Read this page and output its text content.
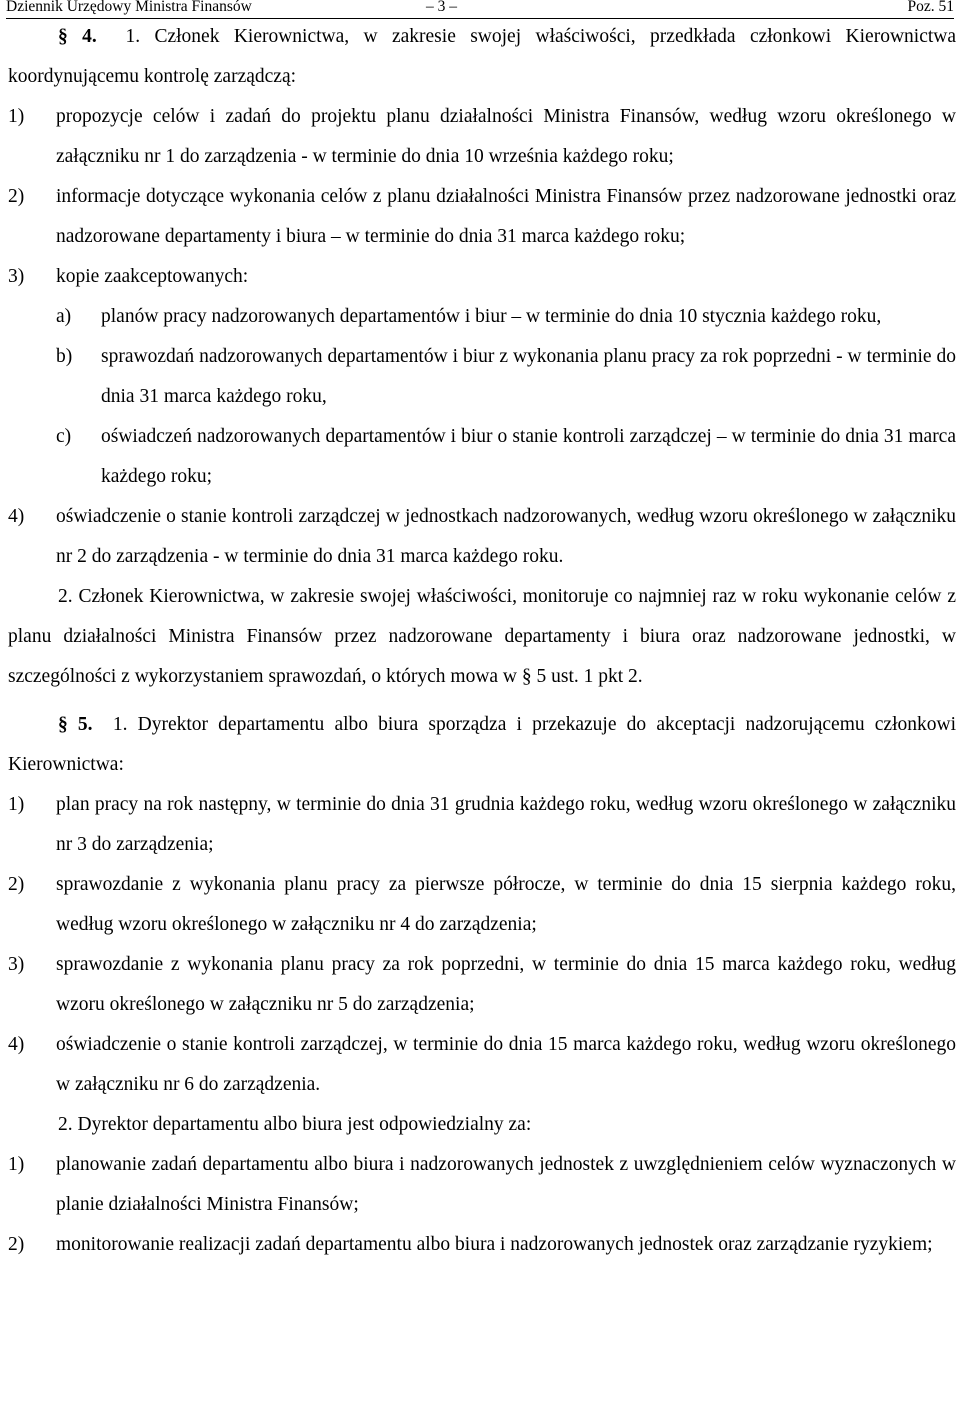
Dziennik Urzędowy Ministra Finansów	– 3 –	Poz. 51

§ 4. 1. Członek Kierownictwa, w zakresie swojej właściwości, przedkłada członkowi Kierownictwa koordynującemu kontrolę zarządczą:

1)	propozycje celów i zadań do projektu planu działalności Ministra Finansów, według wzoru określonego w załączniku nr 1 do zarządzenia - w terminie do dnia 10 września każdego roku;
2)	informacje dotyczące wykonania celów z planu działalności Ministra Finansów przez nadzorowane jednostki oraz nadzorowane departamenty i biura – w terminie do dnia 31 marca każdego roku;
3)	kopie zaakceptowanych:
a)	planów pracy nadzorowanych departamentów i biur – w terminie do dnia 10 stycznia każdego roku,
b)	sprawozdań nadzorowanych departamentów i biur z wykonania planu pracy za rok poprzedni - w terminie do dnia 31 marca każdego roku,
c)	oświadczeń nadzorowanych departamentów i biur o stanie kontroli zarządczej – w terminie do dnia 31 marca każdego roku;
4)	oświadczenie o stanie kontroli zarządczej w jednostkach nadzorowanych, według wzoru określonego w załączniku nr 2 do zarządzenia - w terminie do dnia 31 marca każdego roku.

2. Członek Kierownictwa, w zakresie swojej właściwości, monitoruje co najmniej raz w roku wykonanie celów z planu działalności Ministra Finansów przez nadzorowane departamenty i biura oraz nadzorowane jednostki, w szczególności z wykorzystaniem sprawozdań, o których mowa w § 5 ust. 1 pkt 2.

§ 5. 1. Dyrektor departamentu albo biura sporządza i przekazuje do akceptacji nadzorującemu członkowi Kierownictwa:

1)	plan pracy na rok następny, w terminie do dnia 31 grudnia każdego roku, według wzoru określonego w załączniku nr 3 do zarządzenia;
2)	sprawozdanie z wykonania planu pracy za pierwsze półrocze, w terminie do dnia 15 sierpnia każdego roku, według wzoru określonego w załączniku nr 4 do zarządzenia;
3)	sprawozdanie z wykonania planu pracy za rok poprzedni, w terminie do dnia 15 marca każdego roku, według wzoru określonego w załączniku nr 5 do zarządzenia;
4)	oświadczenie o stanie kontroli zarządczej, w terminie do dnia 15 marca każdego roku, według wzoru określonego w załączniku nr 6 do zarządzenia.

2. Dyrektor departamentu albo biura jest odpowiedzialny za:

1)	planowanie zadań departamentu albo biura i nadzorowanych jednostek z uwzględnieniem celów wyznaczonych w planie działalności Ministra Finansów;
2)	monitorowanie realizacji zadań departamentu albo biura i nadzorowanych jednostek oraz zarządzanie ryzykiem;
